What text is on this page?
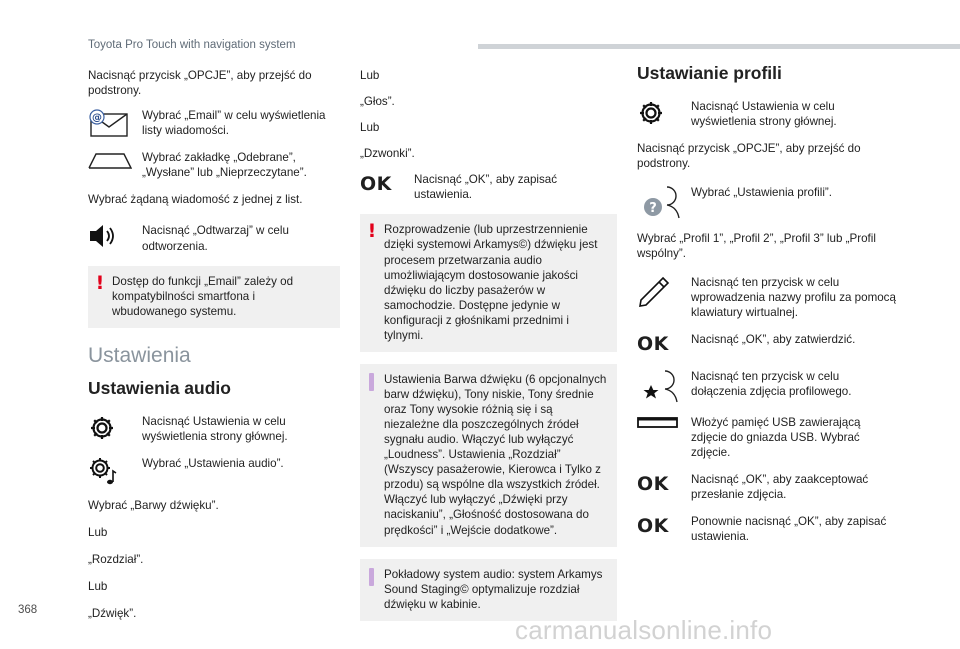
Toyota Pro Touch with navigation system

Nacisnąć przycisk „OPCJE”, aby przejść do podstrony.

@	Wybrać „Email” w celu wyświetlenia listy wiadomości.
Wybrać zakładkę „Odebrane”, „Wysłane” lub „Nieprzeczytane”.

Wybrać żądaną wiadomość z jednej z list.

Nacisnąć „Odtwarzaj” w celu odtworzenia.
! Dostęp do funkcji „Email” zależy od kompatybilności smartfona i wbudowanego systemu.
Ustawienia
Ustawienia audio
Nacisnąć Ustawienia w celu wyświetlenia strony głównej.
Wybrać „Ustawienia audio”.

Wybrać „Barwy dźwięku”.

Lub

„Rozdział”.

Lub

„Dźwięk”.

Lub

„Głos”.

Lub

„Dzwonki”.

OK	Nacisnąć „OK”, aby zapisać ustawienia.
! Rozprowadzenie (lub uprzestrzennienie dzięki systemowi Arkamys©) dźwięku jest procesem przetwarzania audio umożliwiającym dostosowanie jakości dźwięku do liczby pasażerów w samochodzie. Dostępne jedynie w konfiguracji z głośnikami przednimi i tylnymi.
Ustawienia Barwa dźwięku (6 opcjonalnych barw dźwięku), Tony niskie, Tony średnie oraz Tony wysokie różnią się i są niezależne dla poszczególnych źródeł sygnału audio. Włączyć lub wyłączyć „Loudness”. Ustawienia „Rozdział” (Wszyscy pasażerowie, Kierowca i Tylko z przodu) są wspólne dla wszystkich źródeł. Włączyć lub wyłączyć „Dźwięki przy naciskaniu”, „Głośność dostosowana do prędkości” i „Wejście dodatkowe”.
Pokładowy system audio: system Arkamys Sound Staging© optymalizuje rozdział dźwięku w kabinie.
Ustawianie profili
Nacisnąć Ustawienia w celu wyświetlenia strony głównej.

Nacisnąć przycisk „OPCJE”, aby przejść do podstrony.

?
Wybrać „Ustawienia profili”.

Wybrać „Profil 1”, „Profil 2”, „Profil 3” lub „Profil wspólny”.

Nacisnąć ten przycisk w celu wprowadzenia nazwy profilu za pomocą klawiatury wirtualnej.
OK	Nacisnąć „OK”, aby zatwierdzić.
Nacisnąć ten przycisk w celu dołączenia zdjęcia profilowego.
Włożyć pamięć USB zawierającą zdjęcie do gniazda USB. Wybrać zdjęcie.
OK	Nacisnąć „OK”, aby zaakceptować przesłanie zdjęcia.
OK	Ponownie nacisnąć „OK”, aby zapisać ustawienia.
368
carmanualsonline.info
